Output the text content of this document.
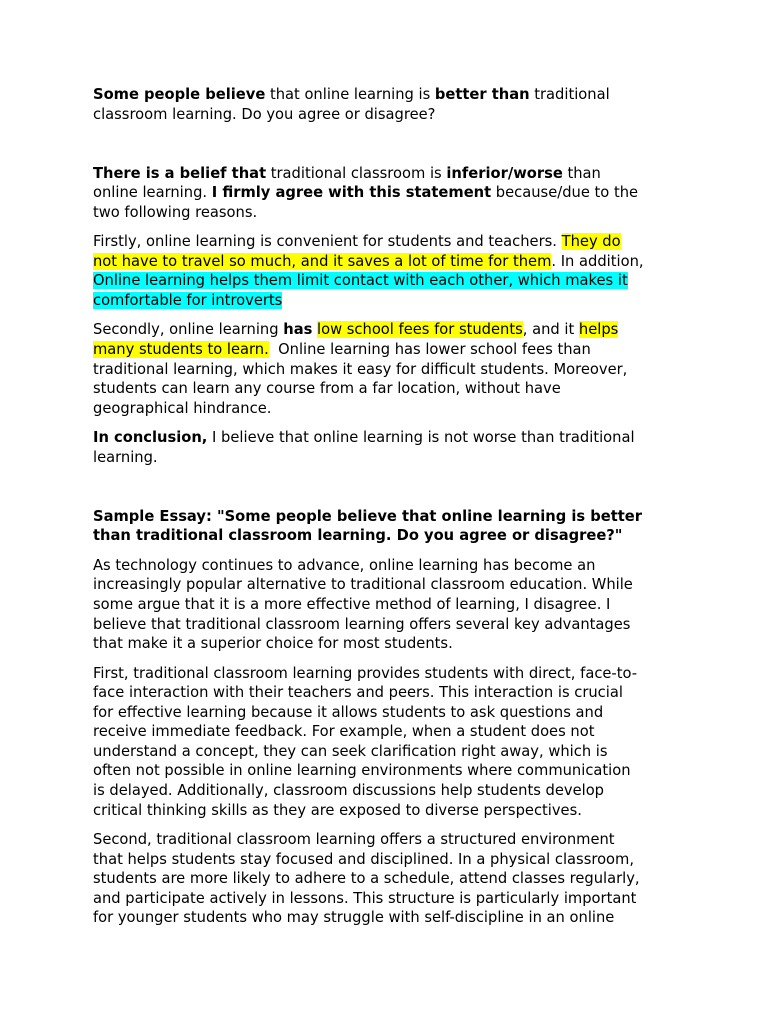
Some people believe that online learning is better than traditional
classroom learning. Do you agree or disagree?
There is a belief that traditional classroom is inferior/worse than
online learning. I firmly agree with this statement because/due to the
two following reasons.
Firstly, online learning is convenient for students and teachers. They do
not have to travel so much, and it saves a lot of time for them. In addition,
Online learning helps them limit contact with each other, which makes it
comfortable for introverts
Secondly, online learning has low school fees for students, and it helps
many students to learn.  Online learning has lower school fees than
traditional learning, which makes it easy for difficult students. Moreover,
students can learn any course from a far location, without have
geographical hindrance.
In conclusion, I believe that online learning is not worse than traditional
learning.
Sample Essay: "Some people believe that online learning is better
than traditional classroom learning. Do you agree or disagree?"
As technology continues to advance, online learning has become an
increasingly popular alternative to traditional classroom education. While
some argue that it is a more effective method of learning, I disagree. I
believe that traditional classroom learning offers several key advantages
that make it a superior choice for most students.
First, traditional classroom learning provides students with direct, face-to-
face interaction with their teachers and peers. This interaction is crucial
for effective learning because it allows students to ask questions and
receive immediate feedback. For example, when a student does not
understand a concept, they can seek clarification right away, which is
often not possible in online learning environments where communication
is delayed. Additionally, classroom discussions help students develop
critical thinking skills as they are exposed to diverse perspectives.
Second, traditional classroom learning offers a structured environment
that helps students stay focused and disciplined. In a physical classroom,
students are more likely to adhere to a schedule, attend classes regularly,
and participate actively in lessons. This structure is particularly important
for younger students who may struggle with self-discipline in an online
